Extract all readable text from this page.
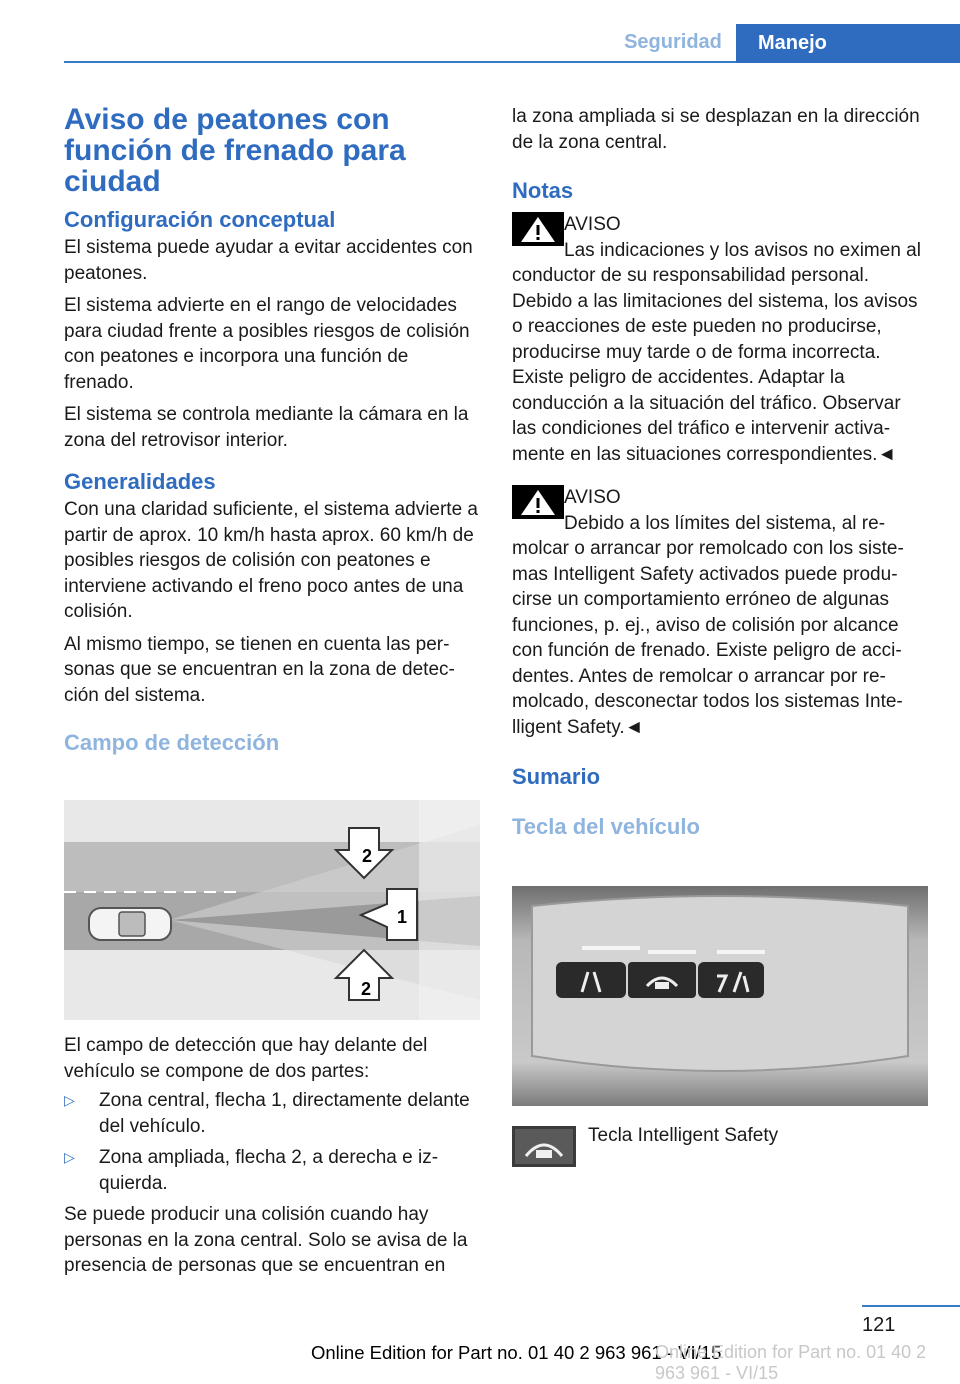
Seguridad	Manejo
Aviso de peatones con función de frenado para ciudad
Configuración conceptual

El sistema puede ayudar a evitar accidentes con peatones.

El sistema advierte en el rango de velocidades para ciudad frente a posibles riesgos de colisión con peatones e incorpora una función de frenado.

El sistema se controla mediante la cámara en la zona del retrovisor interior.

Generalidades

Con una claridad suficiente, el sistema advierte a partir de aprox. 10 km/h hasta aprox. 60 km/h de posibles riesgos de colisión con peatones e interviene activando el freno poco antes de una colisión.

Al mismo tiempo, se tienen en cuenta las personas que se encuentran en la zona de detección del sistema.

Campo de detección
2
1
2

El campo de detección que hay delante del vehículo se compone de dos partes:

▷ Zona central, flecha 1, directamente delante del vehículo.
▷ Zona ampliada, flecha 2, a derecha e izquierda.

Se puede producir una colisión cuando hay personas en la zona central. Solo se avisa de la presencia de personas que se encuentran en

la zona ampliada si se desplazan en la dirección de la zona central.

Notas
AVISO
Las indicaciones y los avisos no eximen al conductor de su responsabilidad personal. Debido a las limitaciones del sistema, los avisos o reacciones de este pueden no producirse, producirse muy tarde o de forma incorrecta. Existe peligro de accidentes. Adaptar la conducción a la situación del tráfico. Observar las condiciones del tráfico e intervenir activamente en las situaciones correspondientes.◄
AVISO
Debido a los límites del sistema, al remolcar o arrancar por remolcado con los sistemas Intelligent Safety activados puede producirse un comportamiento erróneo de algunas funciones, p. ej., aviso de colisión por alcance con función de frenado. Existe peligro de accidentes. Antes de remolcar o arrancar por remolcado, desconectar todos los sistemas Intelligent Safety.◄
Sumario
Tecla del vehículo
Tecla Intelligent Safety
121
Online Edition for Part no. 01 40 2 963 961 - VI/15
Online Edition for Part no. 01 40 2 963 961 - VI/15
